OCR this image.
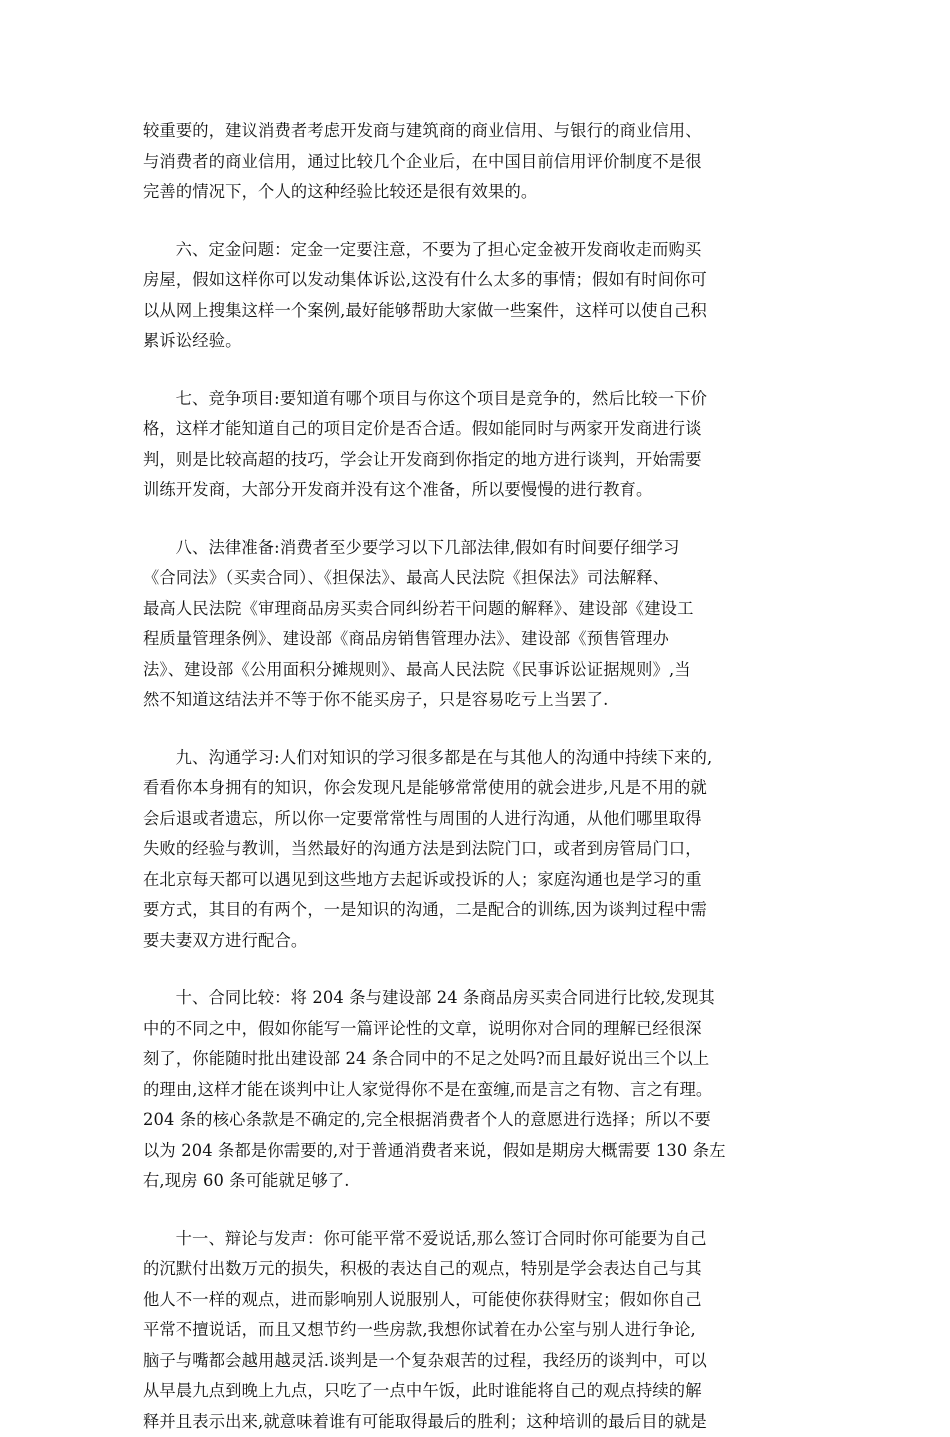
较重要的，建议消费者考虑开发商与建筑商的商业信用、与银行的商业信用、
与消费者的商业信用，通过比较几个企业后，在中国目前信用评价制度不是很
完善的情况下，个人的这种经验比较还是很有效果的。

六、定金问题：定金一定要注意，不要为了担心定金被开发商收走而购买
房屋，假如这样你可以发动集体诉讼,这没有什么太多的事情；假如有时间你可
以从网上搜集这样一个案例,最好能够帮助大家做一些案件，这样可以使自己积
累诉讼经验。

七、竞争项目:要知道有哪个项目与你这个项目是竞争的，然后比较一下价
格，这样才能知道自己的项目定价是否合适。假如能同时与两家开发商进行谈
判，则是比较高超的技巧，学会让开发商到你指定的地方进行谈判，开始需要
训练开发商，大部分开发商并没有这个准备，所以要慢慢的进行教育。

八、法律准备:消费者至少要学习以下几部法律,假如有时间要仔细学习
《合同法》（买卖合同）、《担保法》、最高人民法院《担保法》司法解释、
最高人民法院《审理商品房买卖合同纠纷若干问题的解释》、建设部《建设工
程质量管理条例》、建设部《商品房销售管理办法》、建设部《预售管理办
法》、建设部《公用面积分摊规则》、最高人民法院《民事诉讼证据规则》,当
然不知道这结法并不等于你不能买房子，只是容易吃亏上当罢了.

九、沟通学习:人们对知识的学习很多都是在与其他人的沟通中持续下来的,
看看你本身拥有的知识，你会发现凡是能够常常使用的就会进步,凡是不用的就
会后退或者遗忘，所以你一定要常常性与周围的人进行沟通，从他们哪里取得
失败的经验与教训，当然最好的沟通方法是到法院门口，或者到房管局门口，
在北京每天都可以遇见到这些地方去起诉或投诉的人；家庭沟通也是学习的重
要方式，其目的有两个，一是知识的沟通，二是配合的训练,因为谈判过程中需
要夫妻双方进行配合。

十、合同比较：将 204 条与建设部 24 条商品房买卖合同进行比较,发现其
中的不同之中，假如你能写一篇评论性的文章，说明你对合同的理解已经很深
刻了，你能随时批出建设部 24 条合同中的不足之处吗?而且最好说出三个以上
的理由,这样才能在谈判中让人家觉得你不是在蛮缠,而是言之有物、言之有理。
204 条的核心条款是不确定的,完全根据消费者个人的意愿进行选择；所以不要
以为 204 条都是你需要的,对于普通消费者来说，假如是期房大概需要 130 条左
右,现房 60 条可能就足够了.

十一、辩论与发声：你可能平常不爱说话,那么签订合同时你可能要为自己
的沉默付出数万元的损失，积极的表达自己的观点，特别是学会表达自己与其
他人不一样的观点，进而影响别人说服别人，可能使你获得财宝；假如你自己
平常不擅说话，而且又想节约一些房款,我想你试着在办公室与别人进行争论,
脑子与嘴都会越用越灵活.谈判是一个复杂艰苦的过程，我经历的谈判中，可以
从早晨九点到晚上九点，只吃了一点中午饭，此时谁能将自己的观点持续的解
释并且表示出来,就意味着谁有可能取得最后的胜利；这种培训的最后目的就是
